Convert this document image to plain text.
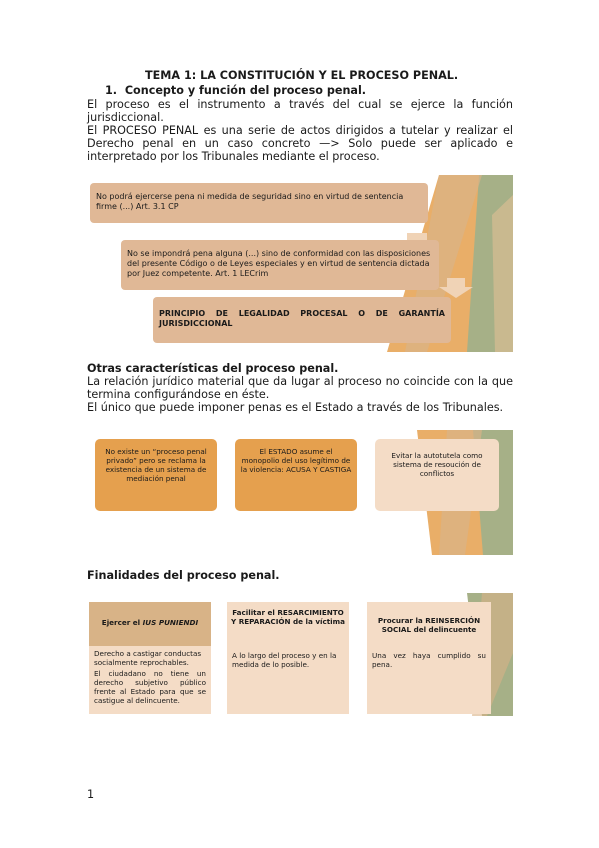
TEMA 1: LA CONSTITUCIÓN Y EL PROCESO PENAL.
1. Concepto y función del proceso penal.
El proceso es el instrumento a través del cual se ejerce la función
jurisdiccional.
El PROCESO PENAL es una serie de actos dirigidos a tutelar y realizar el
Derecho penal en un caso concreto —> Solo puede ser aplicado e
interpretado por los Tribunales mediante el proceso.
No podrá ejercerse pena ni medida de seguridad sino en virtud de sentencia firme (...) Art. 3.1 CP
No se impondrá pena alguna (...) sino de conformidad con las disposiciones del presente Código o de Leyes especiales y en virtud de sentencia dictada por Juez competente. Art. 1 LECrim
PRINCIPIO DE LEGALIDAD PROCESAL O DE GARANTÍA JURISDICCIONAL
Otras características del proceso penal.
La relación jurídico material que da lugar al proceso no coincide con la que
termina configurándose en éste.
El único que puede imponer penas es el Estado a través de los Tribunales.
No existe un “proceso penal privado” pero se reclama la existencia de un sistema de mediación penal
El ESTADO asume el monopolio del uso legítimo de la violencia: ACUSA Y CASTIGA
Evitar la autotutela como sistema de resoución de conflictos
Finalidades del proceso penal.
Ejercer el IUS PUNIENDI
Derecho a castigar conductas socialmente reprochables.
El ciudadano no tiene un derecho subjetivo público frente al Estado para que se castigue al delincuente.
Facilitar el RESARCIMIENTO Y REPARACIÓN de la víctima
A lo largo del proceso y en la medida de lo posible.
Procurar la REINSERCIÓN SOCIAL del delincuente
Una vez haya cumplido su pena.
1
